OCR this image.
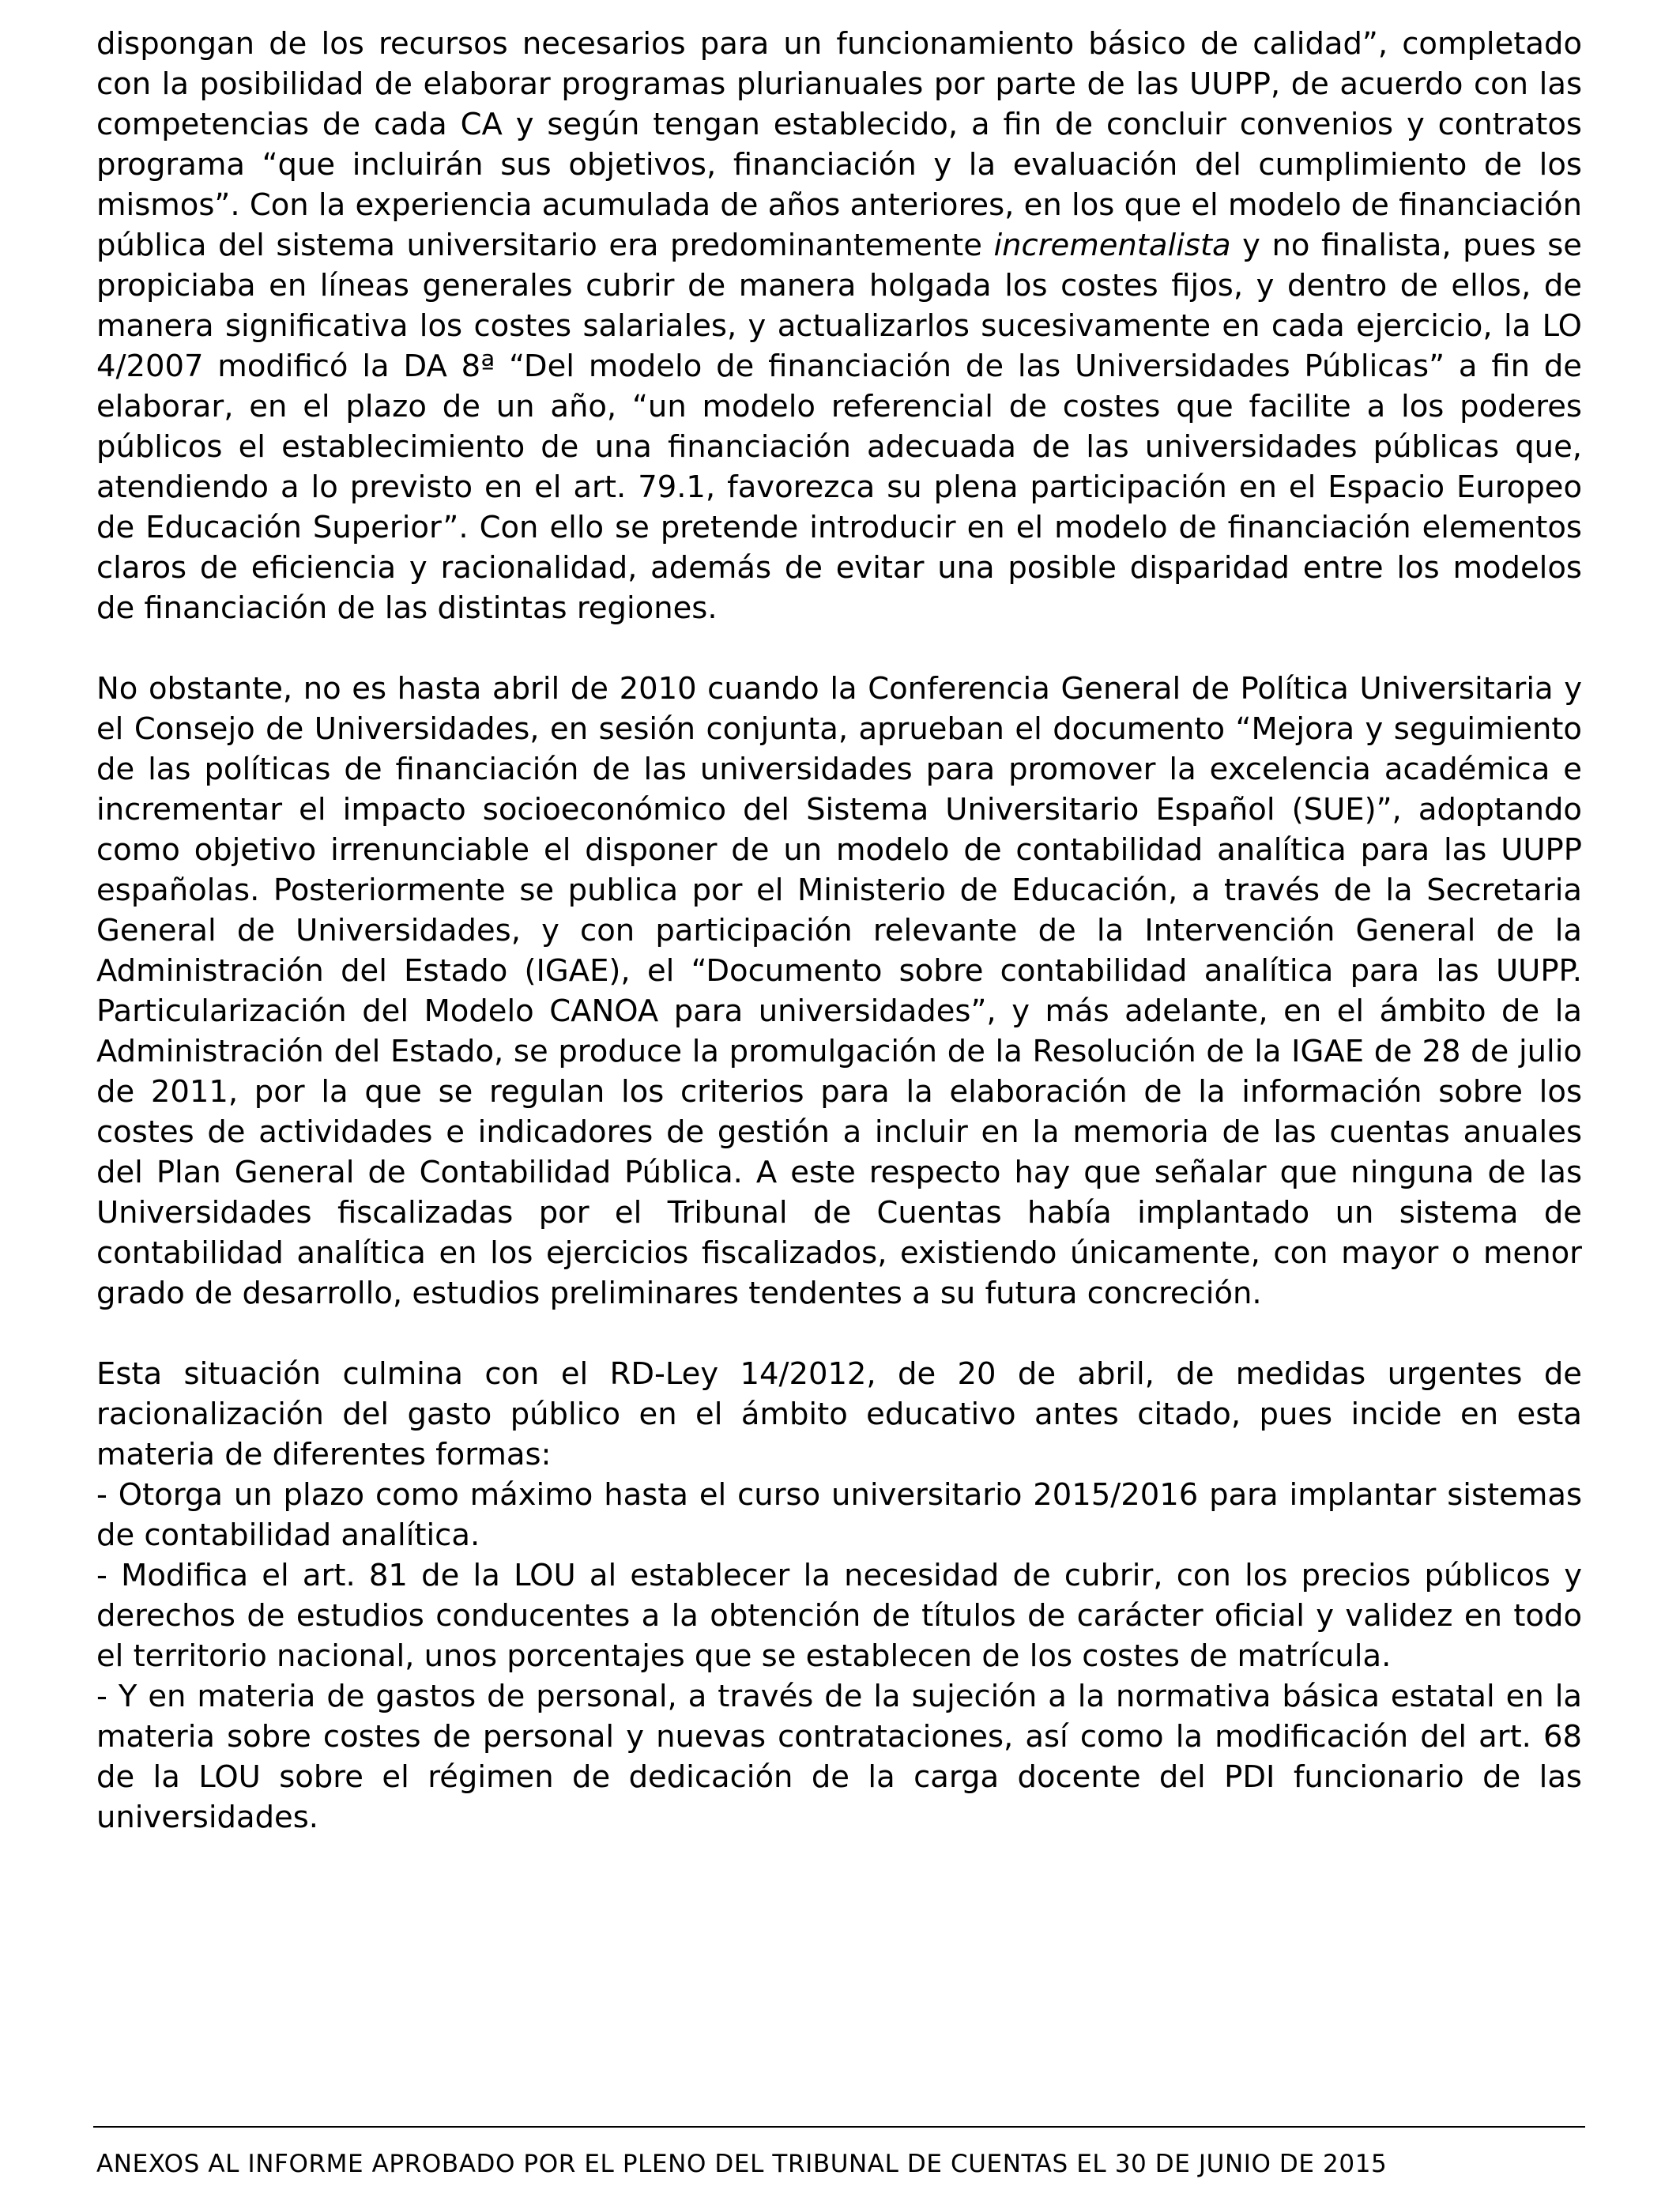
dispongan de los recursos necesarios para un funcionamiento básico de calidad”, completado con la posibilidad de elaborar programas plurianuales por parte de las UUPP, de acuerdo con las competencias de cada CA y según tengan establecido, a fin de concluir convenios y contratos programa “que incluirán sus objetivos, financiación y la evaluación del cumplimiento de los mismos”. Con la experiencia acumulada de años anteriores, en los que el modelo de financiación pública del sistema universitario era predominantemente incrementalista y no finalista, pues se propiciaba en líneas generales cubrir de manera holgada los costes fijos, y dentro de ellos, de manera significativa los costes salariales, y actualizarlos sucesivamente en cada ejercicio, la LO 4/2007 modificó la DA 8ª “Del modelo de financiación de las Universidades Públicas” a fin de elaborar, en el plazo de un año, “un modelo referencial de costes que facilite a los poderes públicos el establecimiento de una financiación adecuada de las universidades públicas que, atendiendo a lo previsto en el art. 79.1, favorezca su plena participación en el Espacio Europeo de Educación Superior”. Con ello se pretende introducir en el modelo de financiación elementos claros de eficiencia y racionalidad, además de evitar una posible disparidad entre los modelos de financiación de las distintas regiones.

No obstante, no es hasta abril de 2010 cuando la Conferencia General de Política Universitaria y el Consejo de Universidades, en sesión conjunta, aprueban el documento “Mejora y seguimiento de las políticas de financiación de las universidades para promover la excelencia académica e incrementar el impacto socioeconómico del Sistema Universitario Español (SUE)”, adoptando como objetivo irrenunciable el disponer de un modelo de contabilidad analítica para las UUPP españolas. Posteriormente se publica por el Ministerio de Educación, a través de la Secretaria General de Universidades, y con participación relevante de la Intervención General de la Administración del Estado (IGAE), el “Documento sobre contabilidad analítica para las UUPP. Particularización del Modelo CANOA para universidades”, y más adelante, en el ámbito de la Administración del Estado, se produce la promulgación de la Resolución de la IGAE de 28 de julio de 2011, por la que se regulan los criterios para la elaboración de la información sobre los costes de actividades e indicadores de gestión a incluir en la memoria de las cuentas anuales del Plan General de Contabilidad Pública. A este respecto hay que señalar que ninguna de las Universidades fiscalizadas por el Tribunal de Cuentas había implantado un sistema de contabilidad analítica en los ejercicios fiscalizados, existiendo únicamente, con mayor o menor grado de desarrollo, estudios preliminares tendentes a su futura concreción.

Esta situación culmina con el RD-Ley 14/2012, de 20 de abril, de medidas urgentes de racionalización del gasto público en el ámbito educativo antes citado, pues incide en esta materia de diferentes formas:

- Otorga un plazo como máximo hasta el curso universitario 2015/2016 para implantar sistemas de contabilidad analítica.

- Modifica el art. 81 de la LOU al establecer la necesidad de cubrir, con los precios públicos y derechos de estudios conducentes a la obtención de títulos de carácter oficial y validez en todo el territorio nacional, unos porcentajes que se establecen de los costes de matrícula.

- Y en materia de gastos de personal, a través de la sujeción a la normativa básica estatal en la materia sobre costes de personal y nuevas contrataciones, así como la modificación del art. 68 de la LOU sobre el régimen de dedicación de la carga docente del PDI funcionario de las universidades.

ANEXOS AL INFORME APROBADO POR EL PLENO DEL TRIBUNAL DE CUENTAS EL 30 DE JUNIO DE 2015
